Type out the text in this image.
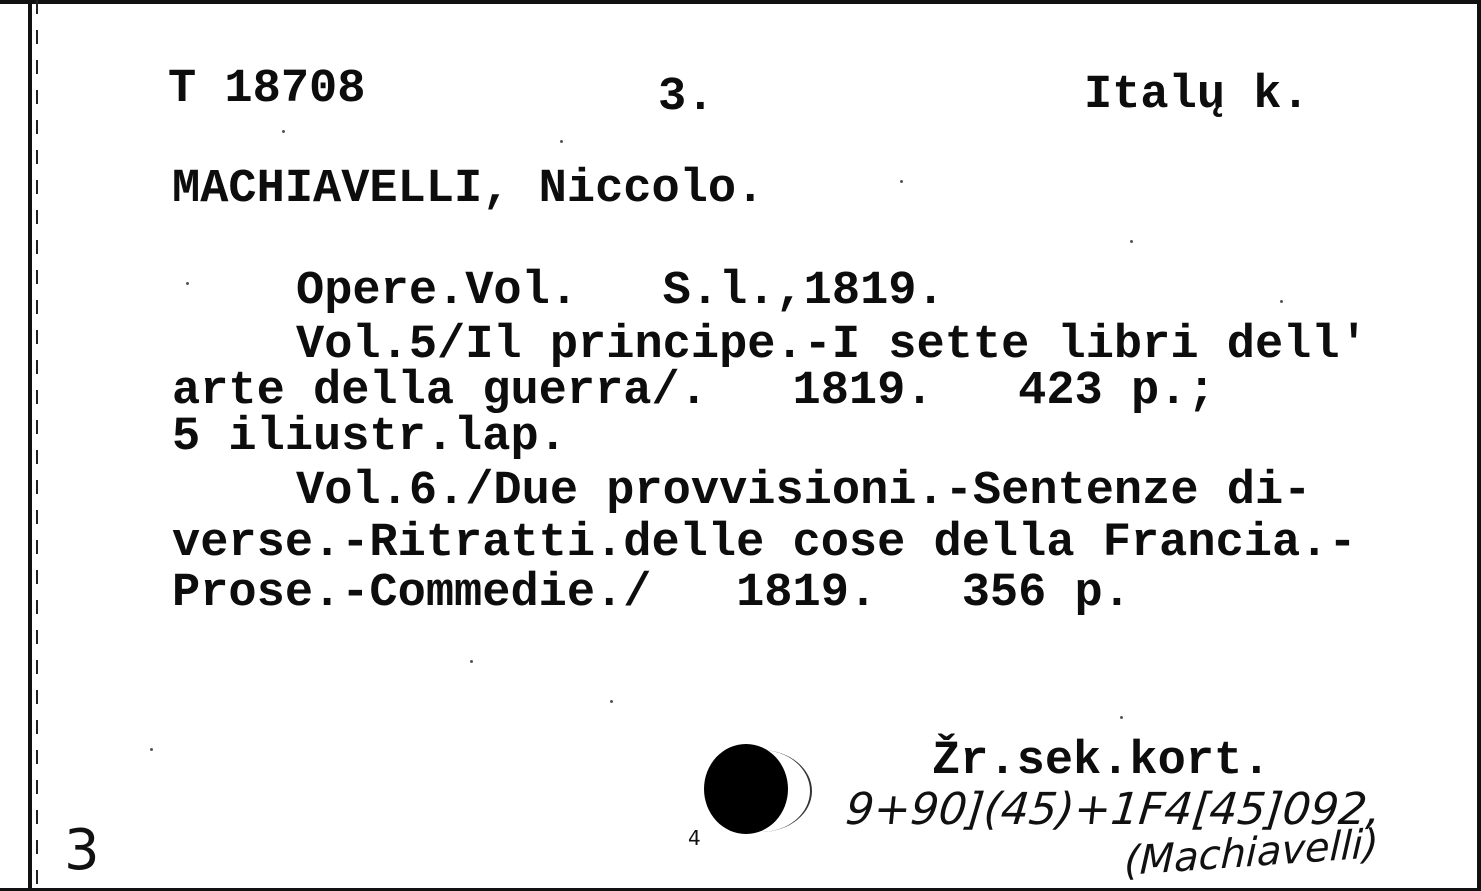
T 18708	3.	Italų k.
MACHIAVELLI, Niccolo.
Opere.Vol.   S.l.,1819.
Vol.5/Il principe.-I sette libri dell'
arte della guerra/.   1819.   423 p.;
5 iliustr.lap.
Vol.6./Due provvisioni.-Sentenze di-
verse.-Ritratti.delle cose della Francia.-
Prose.-Commedie./   1819.   356 p.
Žr.sek.kort.
9+90](45)+1F4[45]092,
(Machiavelli)
3	4
